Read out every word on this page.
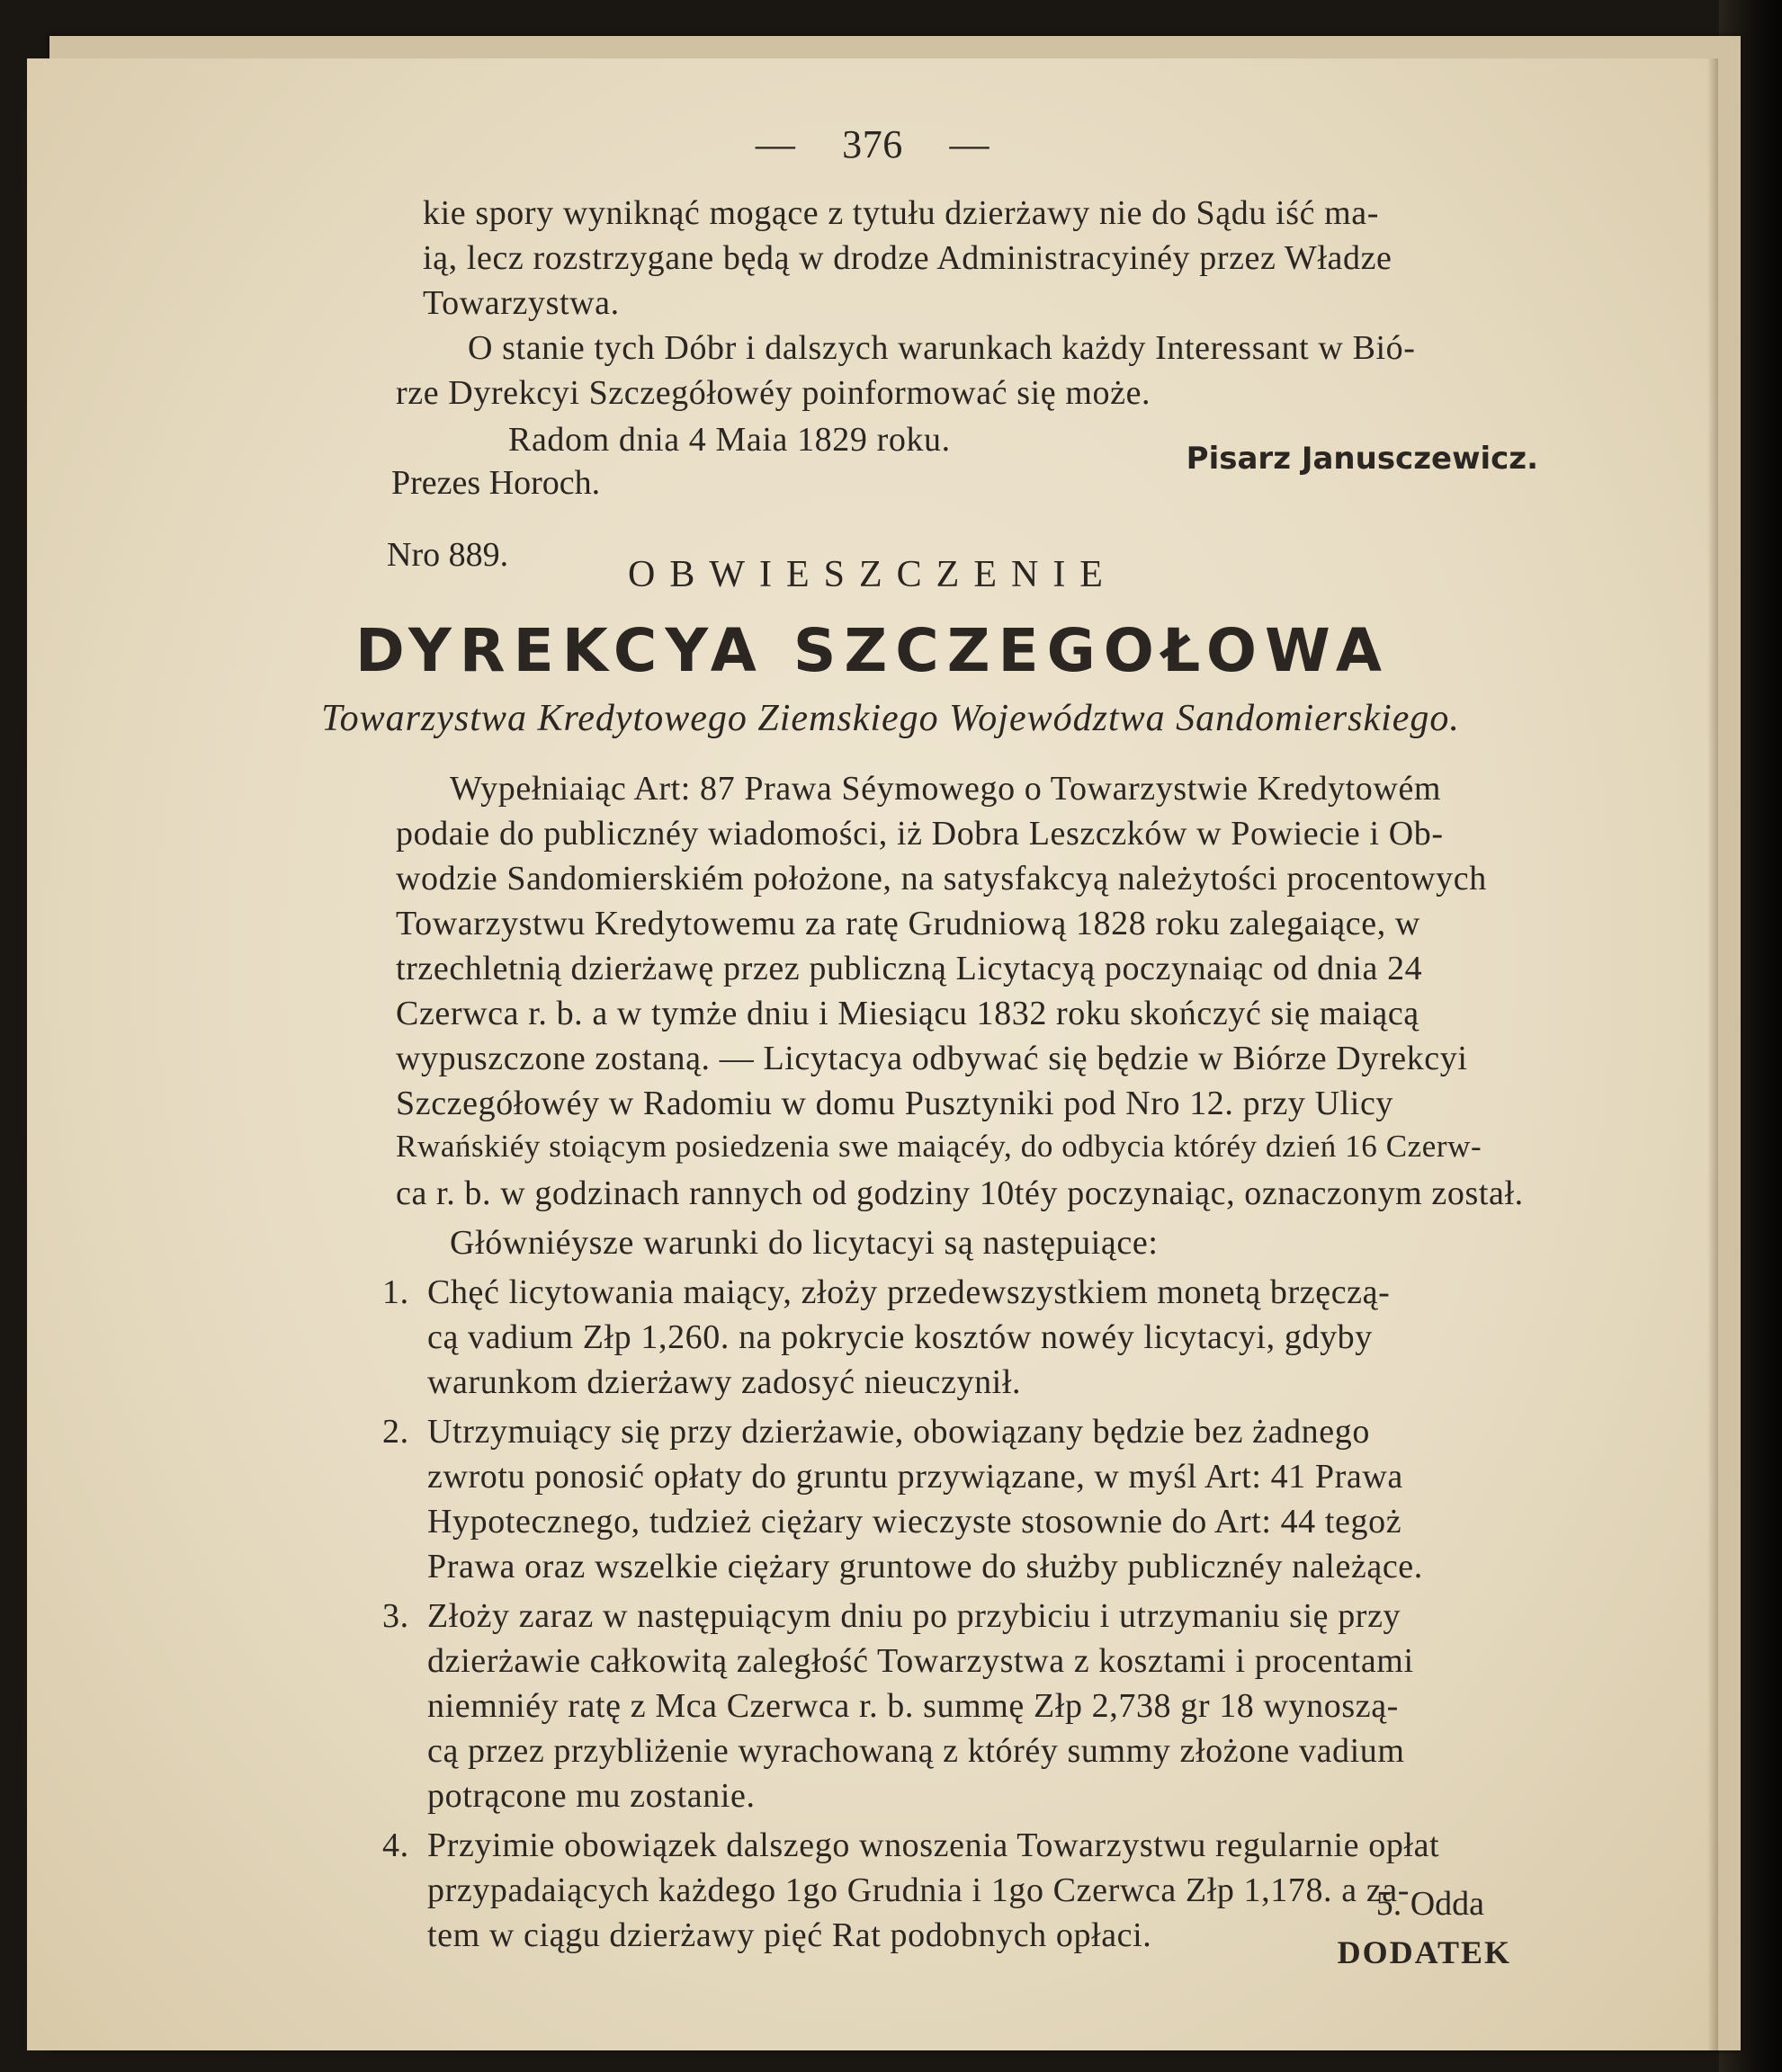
— 376 —
kie spory wyniknąć mogące z tytułu dzierżawy nie do Sądu iść ma-
ią, lecz rozstrzygane będą w drodze Administracyinéy przez Władze
Towarzystwa.
O stanie tych Dóbr i dalszych warunkach każdy Interessant w Bió-
rze Dyrekcyi Szczegółowéy poinformować się może.
Radom dnia 4 Maia 1829 roku.
Prezes Horoch.
Pisarz Janusczewicz.
Nro 889.	OBWIESZCZENIE
DYREKCYA SZCZEGOŁOWA
Towarzystwa Kredytowego Ziemskiego Województwa Sandomierskiego.
Wypełniaiąc Art: 87 Prawa Séymowego o Towarzystwie Kredytowém
podaie do publicznéy wiadomości, iż Dobra Leszczków w Powiecie i Ob-
wodzie Sandomierskiém położone, na satysfakcyą należytości procentowych
Towarzystwu Kredytowemu za ratę Grudniową 1828 roku zalegaiące, w
trzechletnią dzierżawę przez publiczną Licytacyą poczynaiąc od dnia 24
Czerwca r. b. a w tymże dniu i Miesiącu 1832 roku skończyć się maiącą
wypuszczone zostaną. — Licytacya odbywać się będzie w Biórze Dyrekcyi
Szczegółowéy w Radomiu w domu Pusztyniki pod Nro 12. przy Ulicy
Rwańskiéy stoiącym posiedzenia swe maiącéy, do odbycia któréy dzień 16 Czerw-
ca r. b. w godzinach rannych od godziny 10téy poczynaiąc, oznaczonym został.
Główniéysze warunki do licytacyi są następuiące:
1. Chęć licytowania maiący, złoży przedewszystkiem monetą brzęczą-
cą vadium Złp 1,260. na pokrycie kosztów nowéy licytacyi, gdyby
warunkom dzierżawy zadosyć nieuczynił.
2. Utrzymuiący się przy dzierżawie, obowiązany będzie bez żadnego
zwrotu ponosić opłaty do gruntu przywiązane, w myśl Art: 41 Prawa
Hypotecznego, tudzież ciężary wieczyste stosownie do Art: 44 tegoż
Prawa oraz wszelkie ciężary gruntowe do służby publicznéy należące.
3. Złoży zaraz w następuiącym dniu po przybiciu i utrzymaniu się przy
dzierżawie całkowitą zaległość Towarzystwa z kosztami i procentami
niemniéy ratę z Mca Czerwca r. b. summę Złp 2,738 gr 18 wynoszą-
cą przez przybliżenie wyrachowaną z któréy summy złożone vadium
potrącone mu zostanie.
4. Przyimie obowiązek dalszego wnoszenia Towarzystwu regularnie opłat
przypadaiących każdego 1go Grudnia i 1go Czerwca Złp 1,178. a za-
tem w ciągu dzierżawy pięć Rat podobnych opłaci.
5. Odda
DODATEK
